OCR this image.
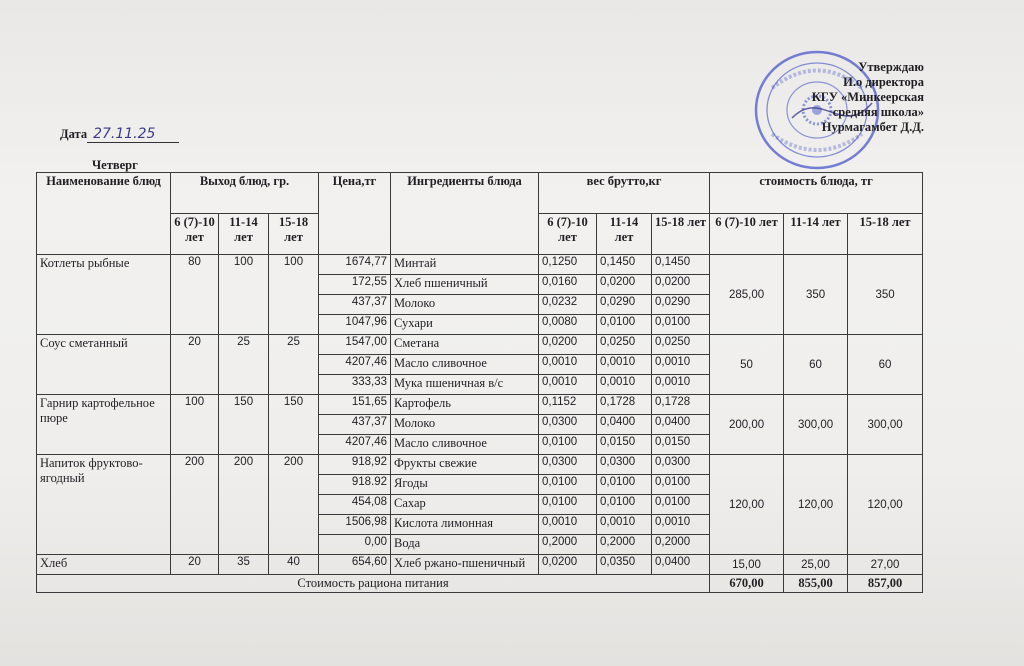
Утверждаю
И.о директора
КГУ «Минкеерская
средняя школа»
Нурмагамбет Д.Д.
Дата 27.11.25
Четверг
Наименование блюд	Выход блюд, гр.			Цена,тг	Ингредиенты блюда	вес брутто,кг			стоимость блюда, тг		
	6 (7)-10 лет	11-14 лет	15-18 лет			6 (7)-10 лет	11-14 лет	15-18 лет	6 (7)-10 лет	11-14 лет	15-18 лет
Котлеты рыбные	80	100	100	1674,77	Минтай	0,1250	0,1450	0,1450	285,00	350	350
				172,55	Хлеб пшеничный	0,0160	0,0200	0,0200			
				437,37	Молоко	0,0232	0,0290	0,0290			
				1047,96	Сухари	0,0080	0,0100	0,0100			
Соус сметанный	20	25	25	1547,00	Сметана	0,0200	0,0250	0,0250	50	60	60
				4207,46	Масло сливочное	0,0010	0,0010	0,0010			
				333,33	Мука пшеничная в/с	0,0010	0,0010	0,0010			
Гарнир картофельное пюре	100	150	150	151,65	Картофель	0,1152	0,1728	0,1728	200,00	300,00	300,00
				437,37	Молоко	0,0300	0,0400	0,0400			
				4207,46	Масло сливочное	0,0100	0,0150	0,0150			
Напиток фруктово-ягодный	200	200	200	918,92	Фрукты свежие	0,0300	0,0300	0,0300	120,00	120,00	120,00
				918.92	Ягоды	0,0100	0,0100	0,0100			
				454,08	Сахар	0,0100	0,0100	0,0100			
				1506,98	Кислота лимонная	0,0010	0,0010	0,0010			
				0,00	Вода	0,2000	0,2000	0,2000			
Хлеб	20	35	40	654,60	Хлеб ржано-пшеничный	0,0200	0,0350	0,0400	15,00	25,00	27,00
Стоимость рациона питания									670,00	855,00	857,00
